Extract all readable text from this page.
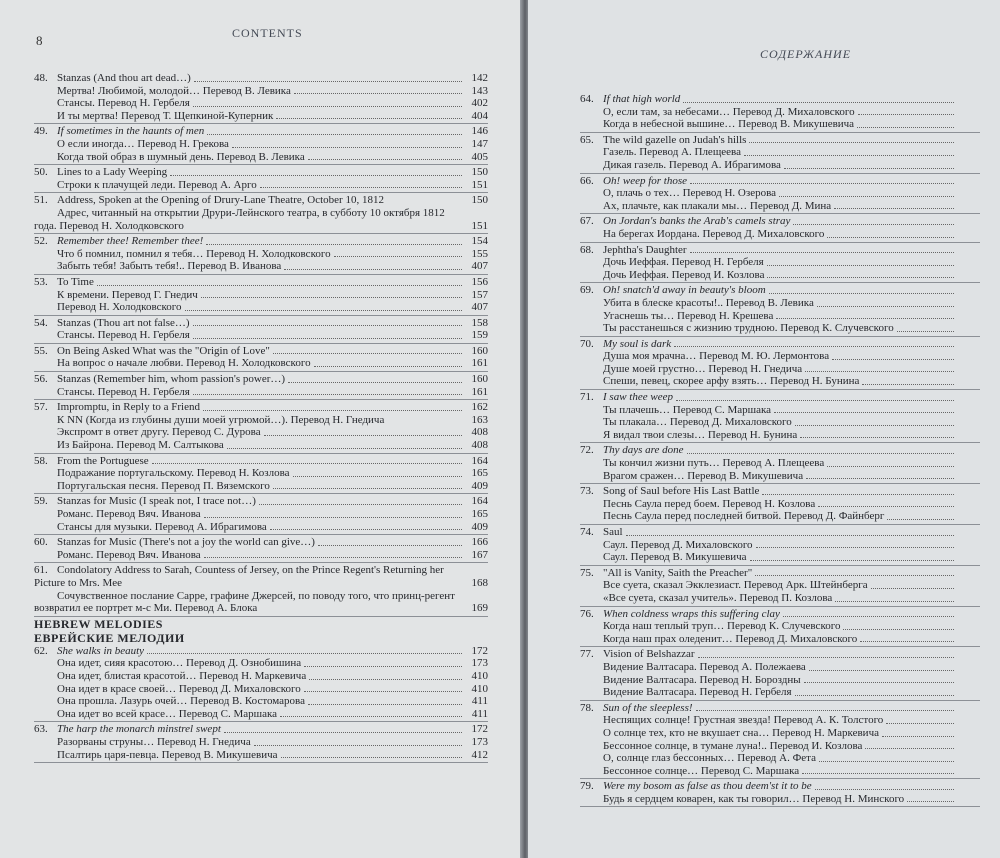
8	CONTENTS
48. Stanzas (And thou art dead…)	142
Мертва! Любимой, молодой… Перевод В. Левика	143
Стансы. Перевод Н. Гербеля	402
И ты мертва! Перевод Т. Щепкиной-Куперник	404
49. If sometimes in the haunts of men	146
О если иногда… Перевод Н. Грекова	147
Когда твой образ в шумный день. Перевод В. Левика	405
50. Lines to a Lady Weeping	150
Строки к плачущей леди. Перевод А. Арго	151
51. Address, Spoken at the Opening of Drury-Lane Theatre, October 10, 1812	150
Адрес, читанный на открытии Друри-Лейнского театра, в субботу 10 октября 1812 года. Перевод Н. Холодковского	151
52. Remember thee! Remember thee!	154
Что б помнил, помнил я тебя… Перевод Н. Холодковского	155
Забыть тебя! Забыть тебя!.. Перевод В. Иванова	407
53. To Time	156
К времени. Перевод Г. Гнедич	157
Перевод Н. Холодковского	407
54. Stanzas (Thou art not false…)	158
Стансы. Перевод Н. Гербеля	159
55. On Being Asked What was the "Origin of Love"	160
На вопрос о начале любви. Перевод Н. Холодковского	161
56. Stanzas (Remember him, whom passion's power…)	160
Стансы. Перевод Н. Гербеля	161
57. Impromptu, in Reply to a Friend	162
К NN (Когда из глубины души моей угрюмой…). Перевод Н. Гнедича	163
Экспромт в ответ другу. Перевод С. Дурова	408
Из Байрона. Перевод М. Салтыкова	408
58. From the Portuguese	164
Подражание португальскому. Перевод Н. Козлова	165
Португальская песня. Перевод П. Вяземского	409
59. Stanzas for Music (I speak not, I trace not…)	164
Романс. Перевод Вяч. Иванова	165
Стансы для музыки. Перевод А. Ибрагимова	409
60. Stanzas for Music (There's not a joy the world can give…)	166
Романс. Перевод Вяч. Иванова	167
61. Condolatory Address to Sarah, Countess of Jersey, on the Prince Regent's Returning her Picture to Mrs. Mee	168
Сочувственное послание Сарре, графине Джерсей, по поводу того, что принц-регент возвратил ее портрет м-с Ми. Перевод А. Блока	169
HEBREW MELODIES
ЕВРЕЙСКИЕ МЕЛОДИИ
62. She walks in beauty	172
Она идет, сияя красотою… Перевод Д. Ознобишина	173
Она идет, блистая красотой… Перевод Н. Маркевича	410
Она идет в красе своей… Перевод Д. Михаловского	410
Она прошла. Лазурь очей… Перевод В. Костомарова	411
Она идет во всей красе… Перевод С. Маршака	411
63. The harp the monarch minstrel swept	172
Разорваны струны… Перевод Н. Гнедича	173
Псалтирь царя-певца. Перевод В. Микушевича	412
СОДЕРЖАНИЕ
64. If that high world
О, если там, за небесами… Перевод Д. Михаловского
Когда в небесной вышине… Перевод В. Микушевича
65. The wild gazelle on Judah's hills
Газель. Перевод А. Плещеева
Дикая газель. Перевод А. Ибрагимова
66. Oh! weep for those
О, плачь о тех… Перевод Н. Озерова
Ах, плачьте, как плакали мы… Перевод Д. Мина
67. On Jordan's banks the Arab's camels stray
На берегах Иордана. Перевод Д. Михаловского
68. Jephtha's Daughter
Дочь Иеффая. Перевод Н. Гербеля
Дочь Иеффая. Перевод И. Козлова
69. Oh! snatch'd away in beauty's bloom
Убита в блеске красоты!.. Перевод В. Левика
Угаснешь ты… Перевод Н. Крешева
Ты расстанешься с жизнию трудною. Перевод К. Случевского
70. My soul is dark
Душа моя мрачна… Перевод М. Ю. Лермонтова
Душе моей грустно… Перевод Н. Гнедича
Спеши, певец, скорее арфу взять… Перевод Н. Бунина
71. I saw thee weep
Ты плачешь… Перевод С. Маршака
Ты плакала… Перевод Д. Михаловского
Я видал твои слезы… Перевод Н. Бунина
72. Thy days are done
Ты кончил жизни путь… Перевод А. Плещеева
Врагом сражен… Перевод В. Микушевича
73. Song of Saul before His Last Battle
Песнь Саула перед боем. Перевод Н. Козлова
Песнь Саула перед последней битвой. Перевод Д. Файнберг
74. Saul
Саул. Перевод Д. Михаловского
Саул. Перевод В. Микушевича
75. "All is Vanity, Saith the Preacher"
Все суета, сказал Экклезиаст. Перевод Арк. Штейнберга
«Все суета, сказал учитель». Перевод П. Козлова
76. When coldness wraps this suffering clay
Когда наш теплый труп… Перевод К. Случевского
Когда наш прах оледенит… Перевод Д. Михаловского
77. Vision of Belshazzar
Видение Валтасара. Перевод А. Полежаева
Видение Валтасара. Перевод Н. Бороздны
Видение Валтасара. Перевод Н. Гербеля
78. Sun of the sleepless!
Неспящих солнце! Грустная звезда! Перевод А. К. Толстого
О солнце тех, кто не вкушает сна… Перевод Н. Маркевича
Бессонное солнце, в тумане луна!.. Перевод И. Козлова
О, солнце глаз бессонных… Перевод А. Фета
Бессонное солнце… Перевод С. Маршака
79. Were my bosom as false as thou deem'st it to be
Будь я сердцем коварен, как ты говорил… Перевод Н. Минского
